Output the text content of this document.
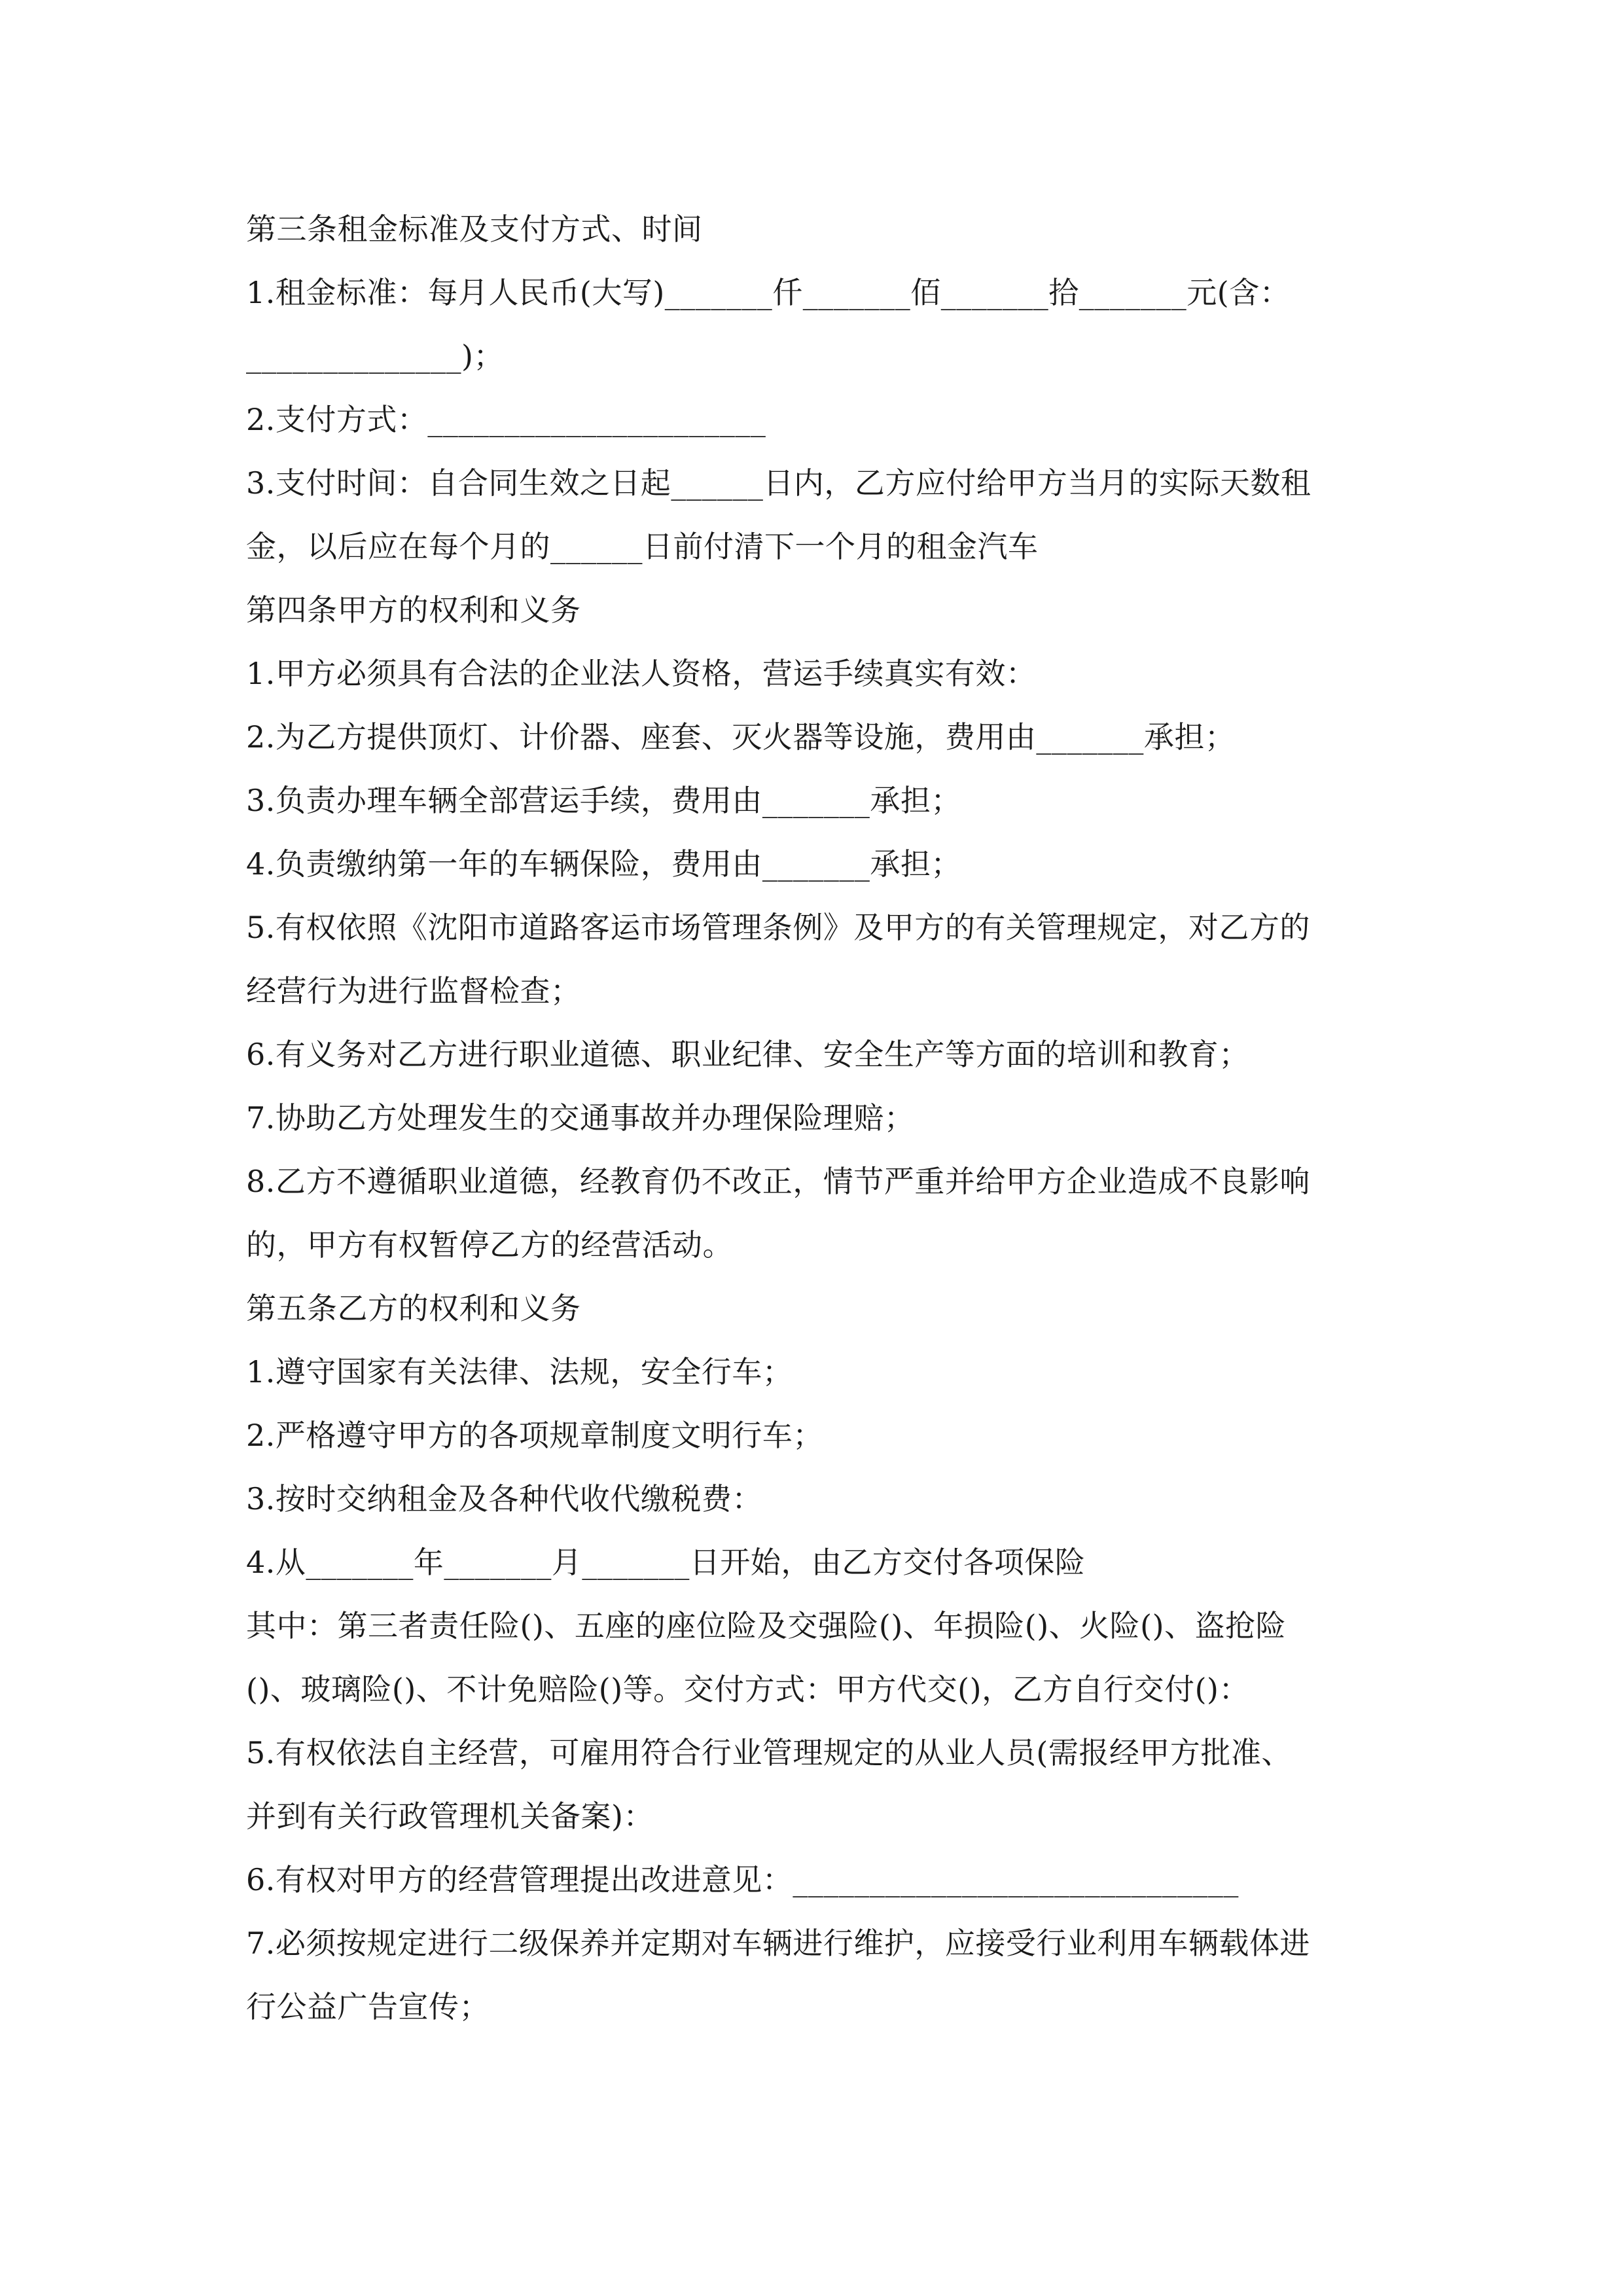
第三条租金标准及支付方式、时间
1.租金标准：每月人民币(大写)_______仟_______佰_______拾_______元(含：
______________)；
2.支付方式：______________________
3.支付时间：自合同生效之日起______日内，乙方应付给甲方当月的实际天数租
金，以后应在每个月的______日前付清下一个月的租金汽车
第四条甲方的权利和义务
1.甲方必须具有合法的企业法人资格，营运手续真实有效：
2.为乙方提供顶灯、计价器、座套、灭火器等设施，费用由_______承担；
3.负责办理车辆全部营运手续，费用由_______承担；
4.负责缴纳第一年的车辆保险，费用由_______承担；
5.有权依照《沈阳市道路客运市场管理条例》及甲方的有关管理规定，对乙方的
经营行为进行监督检查；
6.有义务对乙方进行职业道德、职业纪律、安全生产等方面的培训和教育；
7.协助乙方处理发生的交通事故并办理保险理赔；
8.乙方不遵循职业道德，经教育仍不改正，情节严重并给甲方企业造成不良影响
的，甲方有权暂停乙方的经营活动。
第五条乙方的权利和义务
1.遵守国家有关法律、法规，安全行车；
2.严格遵守甲方的各项规章制度文明行车；
3.按时交纳租金及各种代收代缴税费：
4.从_______年_______月_______日开始，由乙方交付各项保险
其中：第三者责任险()、五座的座位险及交强险()、年损险()、火险()、盗抢险
()、玻璃险()、不计免赔险()等。交付方式：甲方代交()，乙方自行交付()：
5.有权依法自主经营，可雇用符合行业管理规定的从业人员(需报经甲方批准、
并到有关行政管理机关备案)：
6.有权对甲方的经营管理提出改进意见：_____________________________
7.必须按规定进行二级保养并定期对车辆进行维护，应接受行业利用车辆载体进
行公益广告宣传；
